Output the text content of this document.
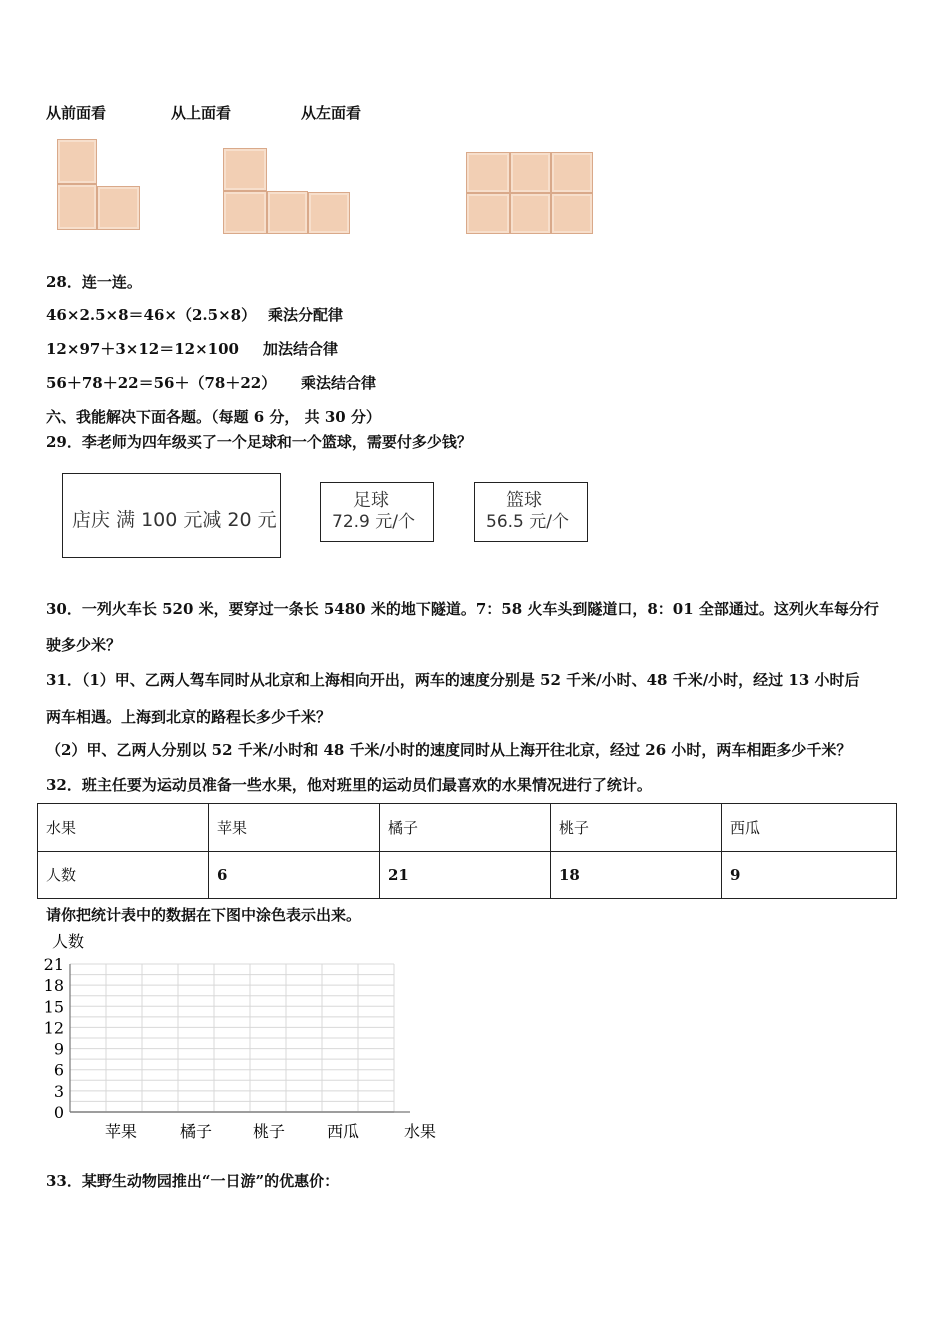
从前面看	从上面看	从左面看
28．连一连。
46×2.5×8＝46×（2.5×8） 乘法分配律
12×97＋3×12＝12×100 加法结合律
56＋78＋22＝56＋（78＋22） 乘法结合律
六、我能解决下面各题。（每题 6 分， 共 30 分）
29．李老师为四年级买了一个足球和一个篮球，需要付多少钱？
店庆 满 100 元减 20 元
足球
72.9 元/个
篮球
56.5 元/个
30．一列火车长 520 米，要穿过一条长 5480 米的地下隧道。7：58 火车头到隧道口，8：01 全部通过。这列火车每分行
驶多少米？
31．（1）甲、乙两人驾车同时从北京和上海相向开出，两车的速度分别是 52 千米/小时、48 千米/小时，经过 13 小时后
两车相遇。上海到北京的路程长多少千米？
（2）甲、乙两人分别以 52 千米/小时和 48 千米/小时的速度同时从上海开往北京，经过 26 小时，两车相距多少千米？
32．班主任要为运动员准备一些水果，他对班里的运动员们最喜欢的水果情况进行了统计。
水果	苹果	橘子	桃子	西瓜
人数	6	21	18	9
请你把统计表中的数据在下图中涂色表示出来。
21
18
15
12
9
6
3
0
苹果	橘子	桃子	西瓜
人数
水果
33．某野生动物园推出“一日游”的优惠价：
